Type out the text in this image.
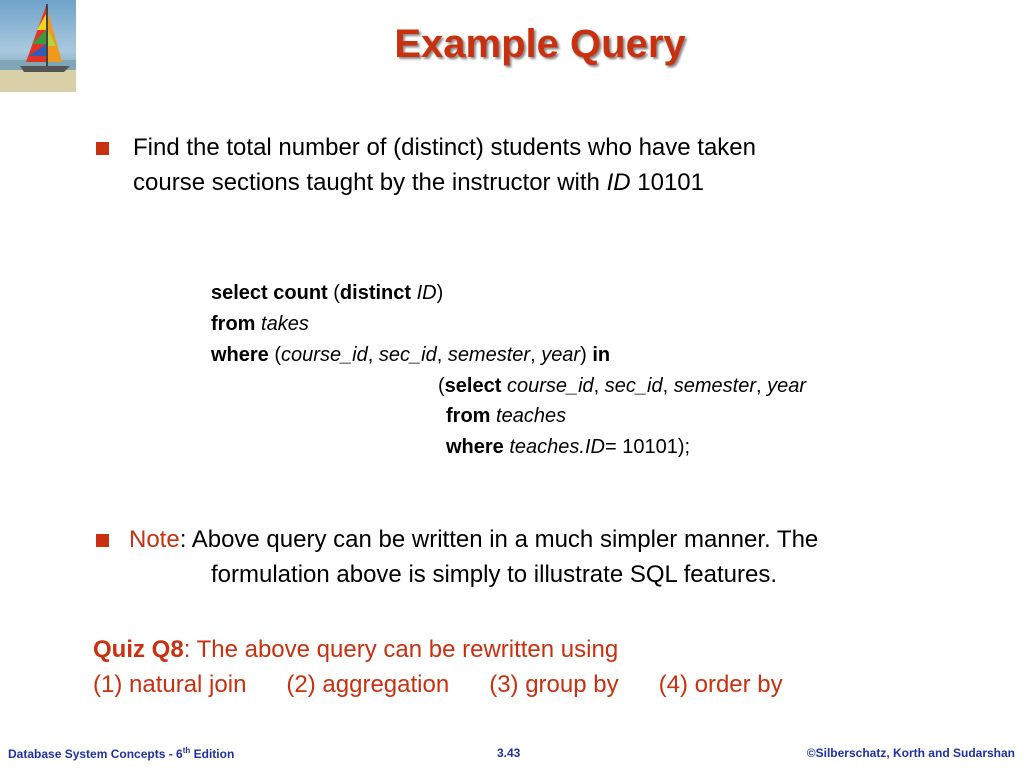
Example Query
Find the total number of (distinct) students who have taken
course sections taught by the instructor with ID 10101
select count (distinct ID)
from takes
where (course_id, sec_id, semester, year) in
(select course_id, sec_id, semester, year
from teaches
where teaches.ID= 10101);
Note: Above query can be written in a much simpler manner. The
formulation above is simply to illustrate SQL features.
Quiz Q8: The above query can be rewritten using
(1) natural join (2) aggregation (3) group by (4) order by
Database System Concepts - 6th Edition	3.43	©Silberschatz, Korth and Sudarshan
